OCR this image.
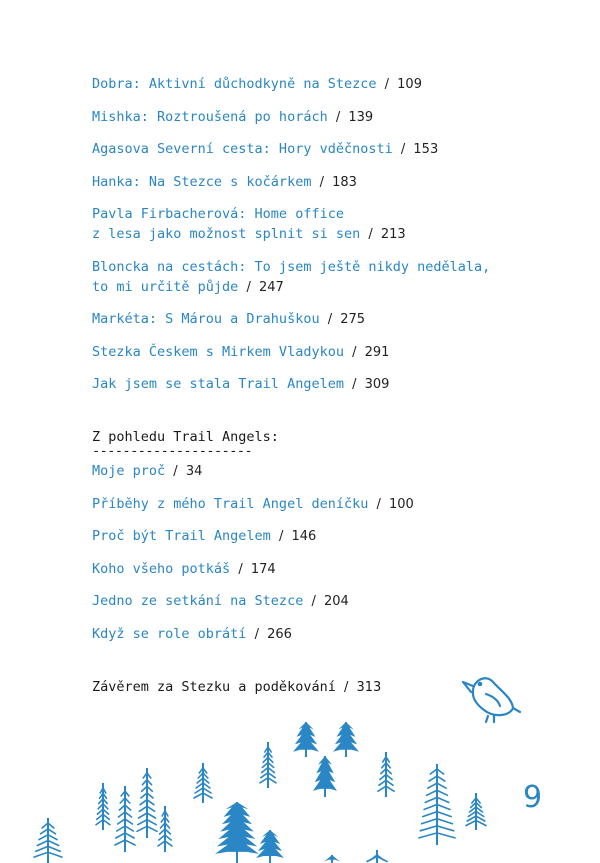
Dobra: Aktivní důchodkyně na Stezce / 109
Mishka: Roztroušená po horách / 139
Agasova Severní cesta: Hory vděčnosti / 153
Hanka: Na Stezce s kočárkem / 183
Pavla Firbacherová: Home office
z lesa jako možnost splnit si sen / 213
Bloncka na cestách: To jsem ještě nikdy nedělala,
to mi určitě půjde / 247
Markéta: S Márou a Drahuškou / 275
Stezka Českem s Mirkem Vladykou / 291
Jak jsem se stala Trail Angelem / 309
Z pohledu Trail Angels:
---------------------
Moje proč / 34
Příběhy z mého Trail Angel deníčku / 100
Proč být Trail Angelem / 146
Koho všeho potkáš / 174
Jedno ze setkání na Stezce / 204
Když se role obrátí / 266
Závěrem za Stezku a poděkování / 313
9
